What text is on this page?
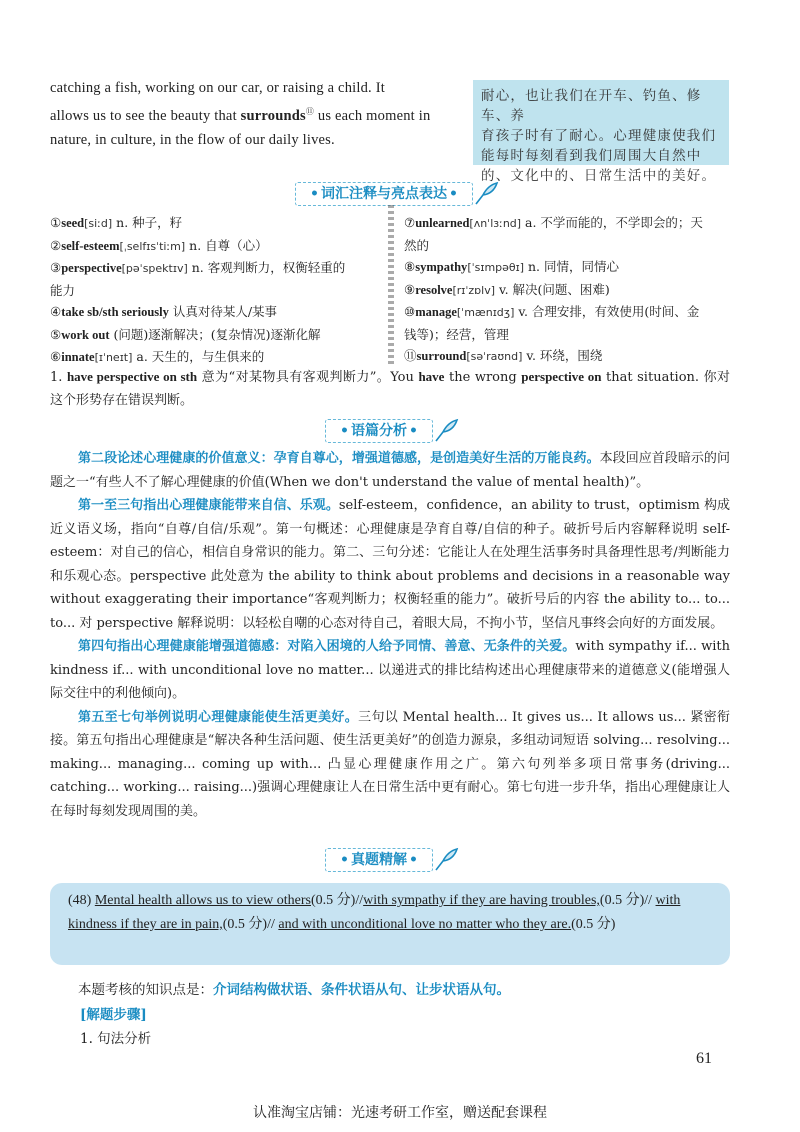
catching a fish, working on our car, or raising a child. It
allows us to see the beauty that surrounds⑪ us each moment in
nature, in culture, in the flow of our daily lives.
耐心，也让我们在开车、钓鱼、修车、养
育孩子时有了耐心。心理健康使我们
能每时每刻看到我们周围大自然中
的、文化中的、日常生活中的美好。
• 词汇注释与亮点表达 •
①seed[siːd] n. 种子，籽
②self-esteem[ˌselfɪsˈtiːm] n. 自尊（心）
③perspective[pəˈspektɪv] n. 客观判断力，权衡轻重的
能力
④take sb/sth seriously 认真对待某人/某事
⑤work out (问题)逐渐解决；(复杂情况)逐渐化解
⑥innate[ɪˈneɪt] a. 天生的，与生俱来的
⑦unlearned[ʌnˈlɜːnd] a. 不学而能的，不学即会的；天
然的
⑧sympathy[ˈsɪmpəθɪ] n. 同情，同情心
⑨resolve[rɪˈzɒlv] v. 解决(问题、困难)
⑩manage[ˈmænɪdʒ] v. 合理安排，有效使用(时间、金
钱等)；经营，管理
⑪surround[səˈraʊnd] v. 环绕，围绕
1. have perspective on sth 意为“对某物具有客观判断力”。You have the wrong perspective on that situation. 你对这个形势存在错误判断。
• 语篇分析 •
第二段论述心理健康的价值意义：孕育自尊心，增强道德感，是创造美好生活的万能良药。本段回应首段暗示的问题之一“有些人不了解心理健康的价值(When we don't understand the value of mental health)”。
第一至三句指出心理健康能带来自信、乐观。self-esteem，confidence，an ability to trust，optimism 构成近义语义场，指向“自尊/自信/乐观”。第一句概述：心理健康是孕育自尊/自信的种子。破折号后内容解释说明 self-esteem：对自己的信心，相信自身常识的能力。第二、三句分述：它能让人在处理生活事务时具备理性思考/判断能力和乐观心态。perspective 此处意为 the ability to think about problems and decisions in a reasonable way without exaggerating their importance“客观判断力；权衡轻重的能力”。破折号后的内容 the ability to... to... to... 对 perspective 解释说明：以轻松自嘲的心态对待自己，着眼大局，不拘小节，坚信凡事终会向好的方面发展。
第四句指出心理健康能增强道德感：对陷入困境的人给予同情、善意、无条件的关爱。with sympathy if... with kindness if... with unconditional love no matter... 以递进式的排比结构述出心理健康带来的道德意义(能增强人际交往中的利他倾向)。
第五至七句举例说明心理健康能使生活更美好。三句以 Mental health... It gives us... It allows us... 紧密衔接。第五句指出心理健康是“解决各种生活问题、使生活更美好”的创造力源泉，多组动词短语 solving... resolving... making... managing... coming up with... 凸显心理健康作用之广。第六句列举多项日常事务(driving... catching... working... raising...)强调心理健康让人在日常生活中更有耐心。第七句进一步升华，指出心理健康让人在每时每刻发现周围的美。
• 真题精解 •
(48) Mental health allows us to view others(0.5 分)//with sympathy if they are having troubles,(0.5 分)// with kindness if they are in pain,(0.5 分)// and with unconditional love no matter who they are.(0.5 分)
本题考核的知识点是：介词结构做状语、条件状语从句、让步状语从句。
[解题步骤]
1. 句法分析
61
认准淘宝店铺：光速考研工作室，赠送配套课程
